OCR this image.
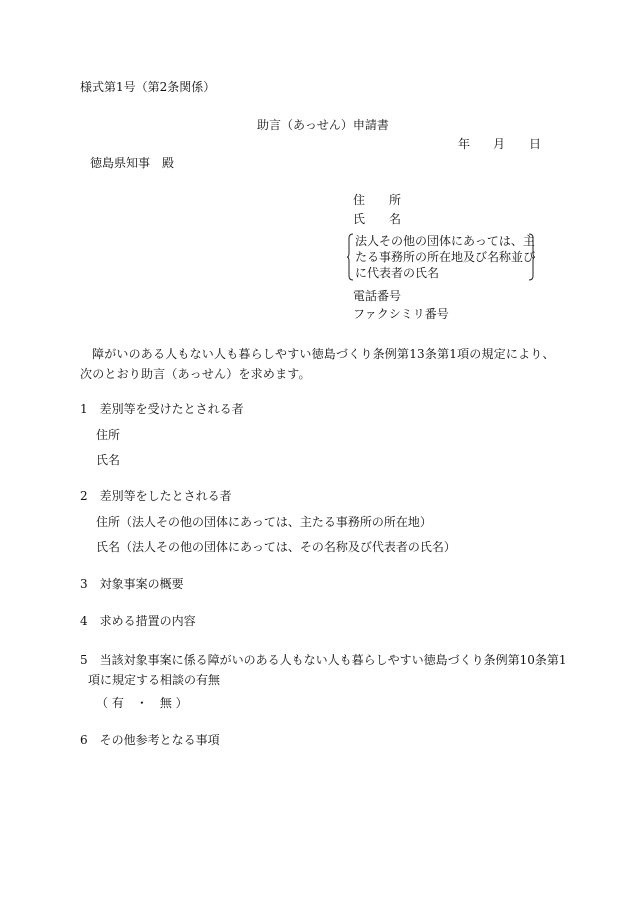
様式第1号（第2条関係）
助言（あっせん）申請書
年 月 日
徳島県知事　殿
住　　所
氏　　名
法人その他の団体にあっては、主
たる事務所の所在地及び名称並び
に代表者の氏名
電話番号
ファクシミリ番号
障がいのある人もない人も暮らしやすい徳島づくり条例第13条第1項の規定により、次のとおり助言（あっせん）を求めます。
1　差別等を受けたとされる者
住所
氏名
2　差別等をしたとされる者
住所（法人その他の団体にあっては、主たる事務所の所在地）
氏名（法人その他の団体にあっては、その名称及び代表者の氏名）
3　対象事案の概要
4　求める措置の内容
5　当該対象事案に係る障がいのある人もない人も暮らしやすい徳島づくり条例第10条第1
項に規定する相談の有無
（ 有　・　無 ）
6　その他参考となる事項
